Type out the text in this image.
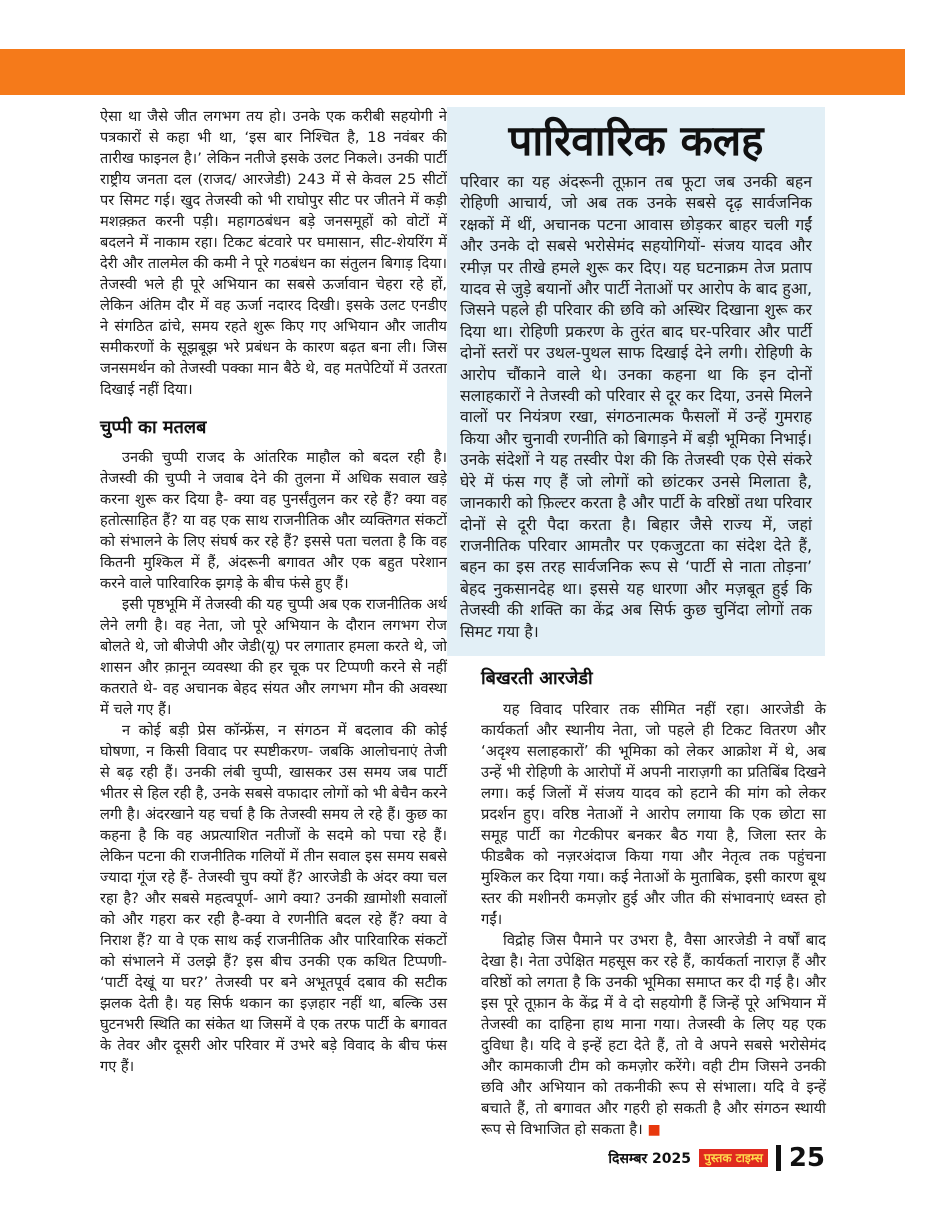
ऐसा था जैसे जीत लगभग तय हो। उनके एक करीबी सहयोगी ने पत्रकारों से कहा भी था, ‘इस बार निश्चित है, 18 नवंबर की तारीख फाइनल है।’ लेकिन नतीजे इसके उलट निकले। उनकी पार्टी राष्ट्रीय जनता दल (राजद/ आरजेडी) 243 में से केवल 25 सीटों पर सिमट गई। खुद तेजस्वी को भी राघोपुर सीट पर जीतने में कड़ी मशक़्क़त करनी पड़ी। महागठबंधन बड़े जनसमूहों को वोटों में बदलने में नाकाम रहा। टिकट बंटवारे पर घमासान, सीट-शेयरिंग में देरी और तालमेल की कमी ने पूरे गठबंधन का संतुलन बिगाड़ दिया। तेजस्वी भले ही पूरे अभियान का सबसे ऊर्जावान चेहरा रहे हों, लेकिन अंतिम दौर में वह ऊर्जा नदारद दिखी। इसके उलट एनडीए ने संगठित ढांचे, समय रहते शुरू किए गए अभियान और जातीय समीकरणों के सूझबूझ भरे प्रबंधन के कारण बढ़त बना ली। जिस जनसमर्थन को तेजस्वी पक्का मान बैठे थे, वह मतपेटियों में उतरता दिखाई नहीं दिया।

चुप्पी का मतलब

उनकी चुप्पी राजद के आंतरिक माहौल को बदल रही है। तेजस्वी की चुप्पी ने जवाब देने की तुलना में अधिक सवाल खड़े करना शुरू कर दिया है- क्या वह पुनर्संतुलन कर रहे हैं? क्या वह हतोत्साहित हैं? या वह एक साथ राजनीतिक और व्यक्तिगत संकटों को संभालने के लिए संघर्ष कर रहे हैं? इससे पता चलता है कि वह कितनी मुश्किल में हैं, अंदरूनी बगावत और एक बहुत परेशान करने वाले पारिवारिक झगड़े के बीच फंसे हुए हैं।

इसी पृष्ठभूमि में तेजस्वी की यह चुप्पी अब एक राजनीतिक अर्थ लेने लगी है। वह नेता, जो पूरे अभियान के दौरान लगभग रोज बोलते थे, जो बीजेपी और जेडी(यू) पर लगातार हमला करते थे, जो शासन और क़ानून व्यवस्था की हर चूक पर टिप्पणी करने से नहीं कतराते थे- वह अचानक बेहद संयत और लगभग मौन की अवस्था में चले गए हैं।

न कोई बड़ी प्रेस कॉन्फ्रेंस, न संगठन में बदलाव की कोई घोषणा, न किसी विवाद पर स्पष्टीकरण- जबकि आलोचनाएं तेजी से बढ़ रही हैं। उनकी लंबी चुप्पी, खासकर उस समय जब पार्टी भीतर से हिल रही है, उनके सबसे वफादार लोगों को भी बेचैन करने लगी है। अंदरखाने यह चर्चा है कि तेजस्वी समय ले रहे हैं। कुछ का कहना है कि वह अप्रत्याशित नतीजों के सदमे को पचा रहे हैं। लेकिन पटना की राजनीतिक गलियों में तीन सवाल इस समय सबसे ज्यादा गूंज रहे हैं- तेजस्वी चुप क्यों हैं? आरजेडी के अंदर क्या चल रहा है? और सबसे महत्वपूर्ण- आगे क्या? उनकी ख़ामोशी सवालों को और गहरा कर रही है-क्या वे रणनीति बदल रहे हैं? क्या वे निराश हैं? या वे एक साथ कई राजनीतिक और पारिवारिक संकटों को संभालने में उलझे हैं? इस बीच उनकी एक कथित टिप्पणी- ‘पार्टी देखूं या घर?’ तेजस्वी पर बने अभूतपूर्व दबाव की सटीक झलक देती है। यह सिर्फ थकान का इज़हार नहीं था, बल्कि उस घुटनभरी स्थिति का संकेत था जिसमें वे एक तरफ पार्टी के बगावत के तेवर और दूसरी ओर परिवार में उभरे बड़े विवाद के बीच फंस गए हैं।

पारिवारिक कलह

परिवार का यह अंदरूनी तूफ़ान तब फूटा जब उनकी बहन रोहिणी आचार्य, जो अब तक उनके सबसे दृढ़ सार्वजनिक रक्षकों में थीं, अचानक पटना आवास छोड़कर बाहर चली गईं और उनके दो सबसे भरोसेमंद सहयोगियों- संजय यादव और रमीज़ पर तीखे हमले शुरू कर दिए। यह घटनाक्रम तेज प्रताप यादव से जुड़े बयानों और पार्टी नेताओं पर आरोप के बाद हुआ, जिसने पहले ही परिवार की छवि को अस्थिर दिखाना शुरू कर दिया था। रोहिणी प्रकरण के तुरंत बाद घर-परिवार और पार्टी दोनों स्तरों पर उथल-पुथल साफ दिखाई देने लगी। रोहिणी के आरोप चौंकाने वाले थे। उनका कहना था कि इन दोनों सलाहकारों ने तेजस्वी को परिवार से दूर कर दिया, उनसे मिलने वालों पर नियंत्रण रखा, संगठनात्मक फैसलों में उन्हें गुमराह किया और चुनावी रणनीति को बिगाड़ने में बड़ी भूमिका निभाई। उनके संदेशों ने यह तस्वीर पेश की कि तेजस्वी एक ऐसे संकरे घेरे में फंस गए हैं जो लोगों को छांटकर उनसे मिलाता है, जानकारी को फ़िल्टर करता है और पार्टी के वरिष्ठों तथा परिवार दोनों से दूरी पैदा करता है। बिहार जैसे राज्य में, जहां राजनीतिक परिवार आमतौर पर एकजुटता का संदेश देते हैं, बहन का इस तरह सार्वजनिक रूप से ‘पार्टी से नाता तोड़ना’ बेहद नुकसानदेह था। इससे यह धारणा और मज़बूत हुई कि तेजस्वी की शक्ति का केंद्र अब सिर्फ कुछ चुनिंदा लोगों तक सिमट गया है।

बिखरती आरजेडी

यह विवाद परिवार तक सीमित नहीं रहा। आरजेडी के कार्यकर्ता और स्थानीय नेता, जो पहले ही टिकट वितरण और ‘अदृश्य सलाहकारों’ की भूमिका को लेकर आक्रोश में थे, अब उन्हें भी रोहिणी के आरोपों में अपनी नाराज़गी का प्रतिबिंब दिखने लगा। कई जिलों में संजय यादव को हटाने की मांग को लेकर प्रदर्शन हुए। वरिष्ठ नेताओं ने आरोप लगाया कि एक छोटा सा समूह पार्टी का गेटकीपर बनकर बैठ गया है, जिला स्तर के फीडबैक को नज़रअंदाज किया गया और नेतृत्व तक पहुंचना मुश्किल कर दिया गया। कई नेताओं के मुताबिक, इसी कारण बूथ स्तर की मशीनरी कमज़ोर हुई और जीत की संभावनाएं ध्वस्त हो गईं।

विद्रोह जिस पैमाने पर उभरा है, वैसा आरजेडी ने वर्षों बाद देखा है। नेता उपेक्षित महसूस कर रहे हैं, कार्यकर्ता नाराज़ हैं और वरिष्ठों को लगता है कि उनकी भूमिका समाप्त कर दी गई है। और इस पूरे तूफ़ान के केंद्र में वे दो सहयोगी हैं जिन्हें पूरे अभियान में तेजस्वी का दाहिना हाथ माना गया। तेजस्वी के लिए यह एक दुविधा है। यदि वे इन्हें हटा देते हैं, तो वे अपने सबसे भरोसेमंद और कामकाजी टीम को कमज़ोर करेंगे। वही टीम जिसने उनकी छवि और अभियान को तकनीकी रूप से संभाला। यदि वे इन्हें बचाते हैं, तो बगावत और गहरी हो सकती है और संगठन स्थायी रूप से विभाजित हो सकता है। ■

दिसम्बर 2025	पुस्तक टाइम्स 25
